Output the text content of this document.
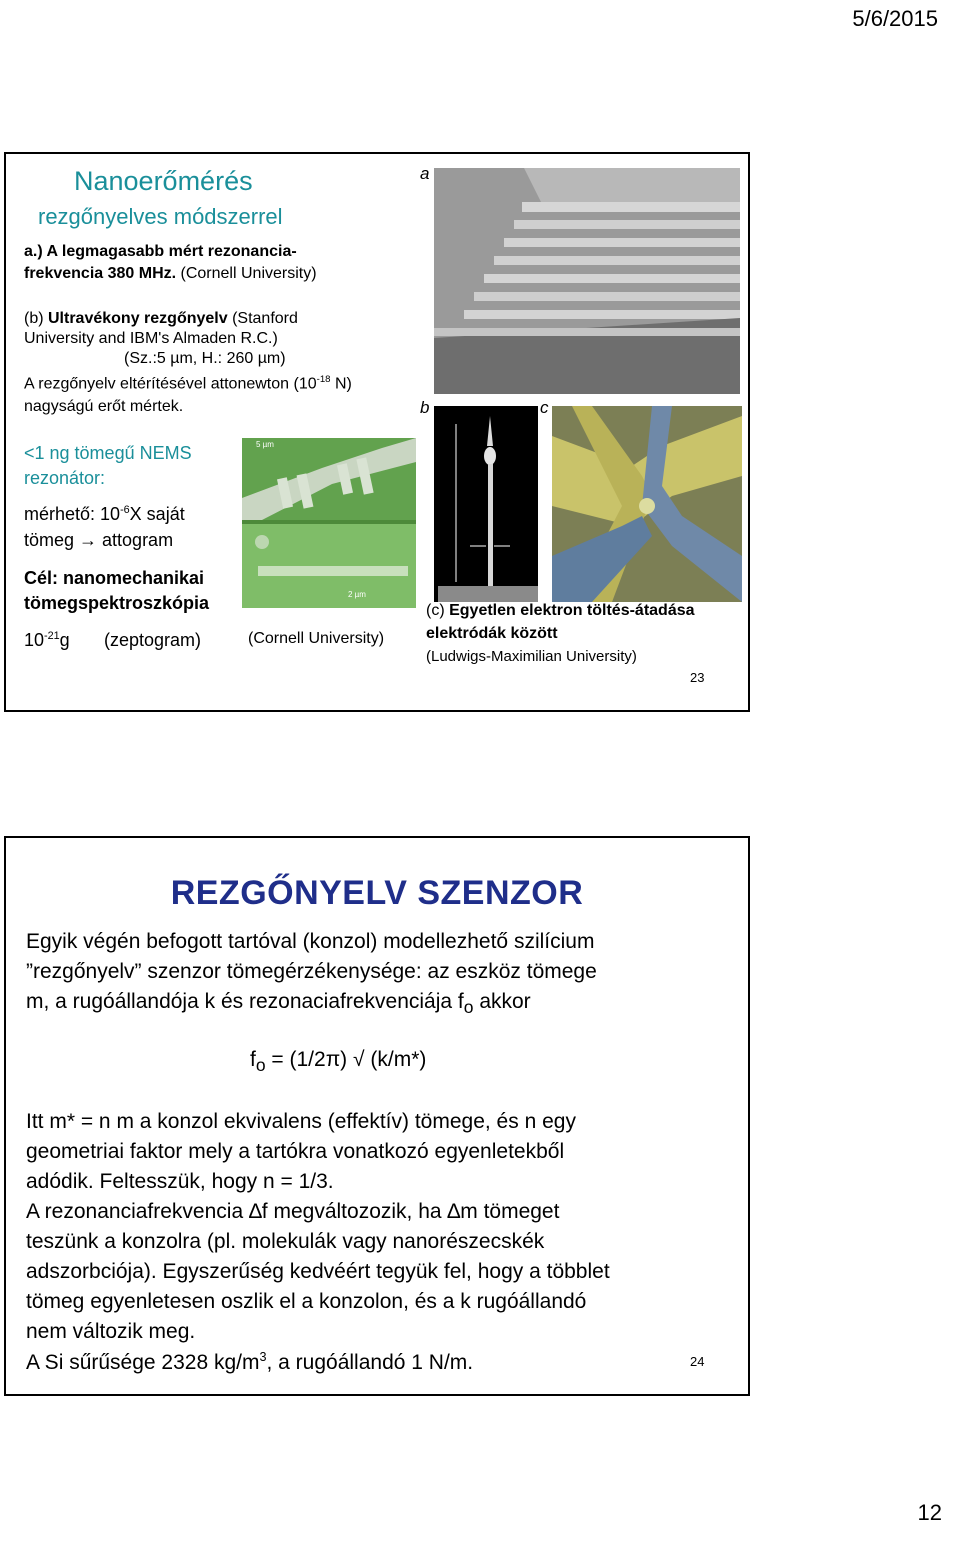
5/6/2015
12
Nanoerőmérés
rezgőnyelves módszerrel
a.) A legmagasabb mért rezonancia-
frekvencia 380 MHz. (Cornell University)
(b) Ultravékony rezgőnyelv (Stanford
University and IBM's Almaden R.C.)
(Sz.:5 µm, H.: 260 µm)
A rezgőnyelv eltérítésével attonewton ($10^{-18}$ N)
nagyságú erőt mértek.
<1 ng tömegű NEMS
rezonátor:
mérhető: $10^{-6}X$ saját
tömeg → attogram
Cél: nanomechanikai
tömegspektroszkópia
$10^{-21}g$ (zeptogram)
a
5 µm
2 µm
(Cornell University)
b	c
(c) Egyetlen elektron töltés-átadása
elektródák között
(Ludwigs-Maximilian University)
23
REZGŐNYELV SZENZOR
Egyik végén befogott tartóval (konzol) modellezhető szilícium
”rezgőnyelv” szenzor tömegérzékenysége: az eszköz tömege
m, a rugóállandója k és rezonaciafrekvenciája $f_o$ akkor
$f_o = (1/2\pi)$ √ (k/m*)
Itt m* = n m a konzol ekvivalens (effektív) tömege, és n egy
geometriai faktor mely a tartókra vonatkozó egyenletekből
adódik. Feltesszük, hogy n = 1/3.
A rezonanciafrekvencia ∆f megváltozozik, ha ∆m tömeget
teszünk a konzolra (pl. molekulák vagy nanorészecskék
adszorbciója). Egyszerűség kedvéért tegyük fel, hogy a többlet
tömeg egyenletesen oszlik el a konzolon, és a k rugóállandó
nem változik meg.
A Si sűrűsége 2328 $kg/m^3$, a rugóállandó 1 N/m.	24
